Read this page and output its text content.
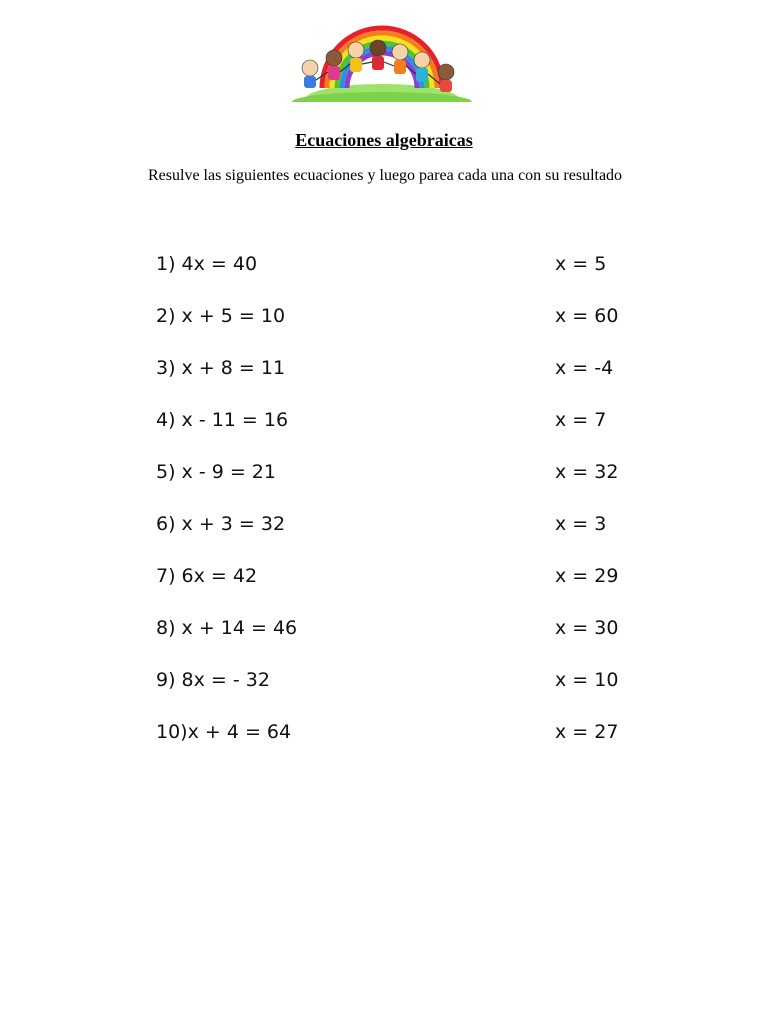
Ecuaciones algebraicas
Resulve las siguientes ecuaciones y luego parea cada una con su resultado
1) 4x = 40	x = 5
2) x + 5 = 10	x = 60
3) x + 8 = 11	x = -4
4) x - 11 = 16	x = 7
5) x - 9 = 21	x = 32
6) x + 3 = 32	x = 3
7) 6x = 42	x = 29
8) x + 14 = 46	x = 30
9) 8x = - 32	x = 10
10)x + 4 = 64	x = 27
